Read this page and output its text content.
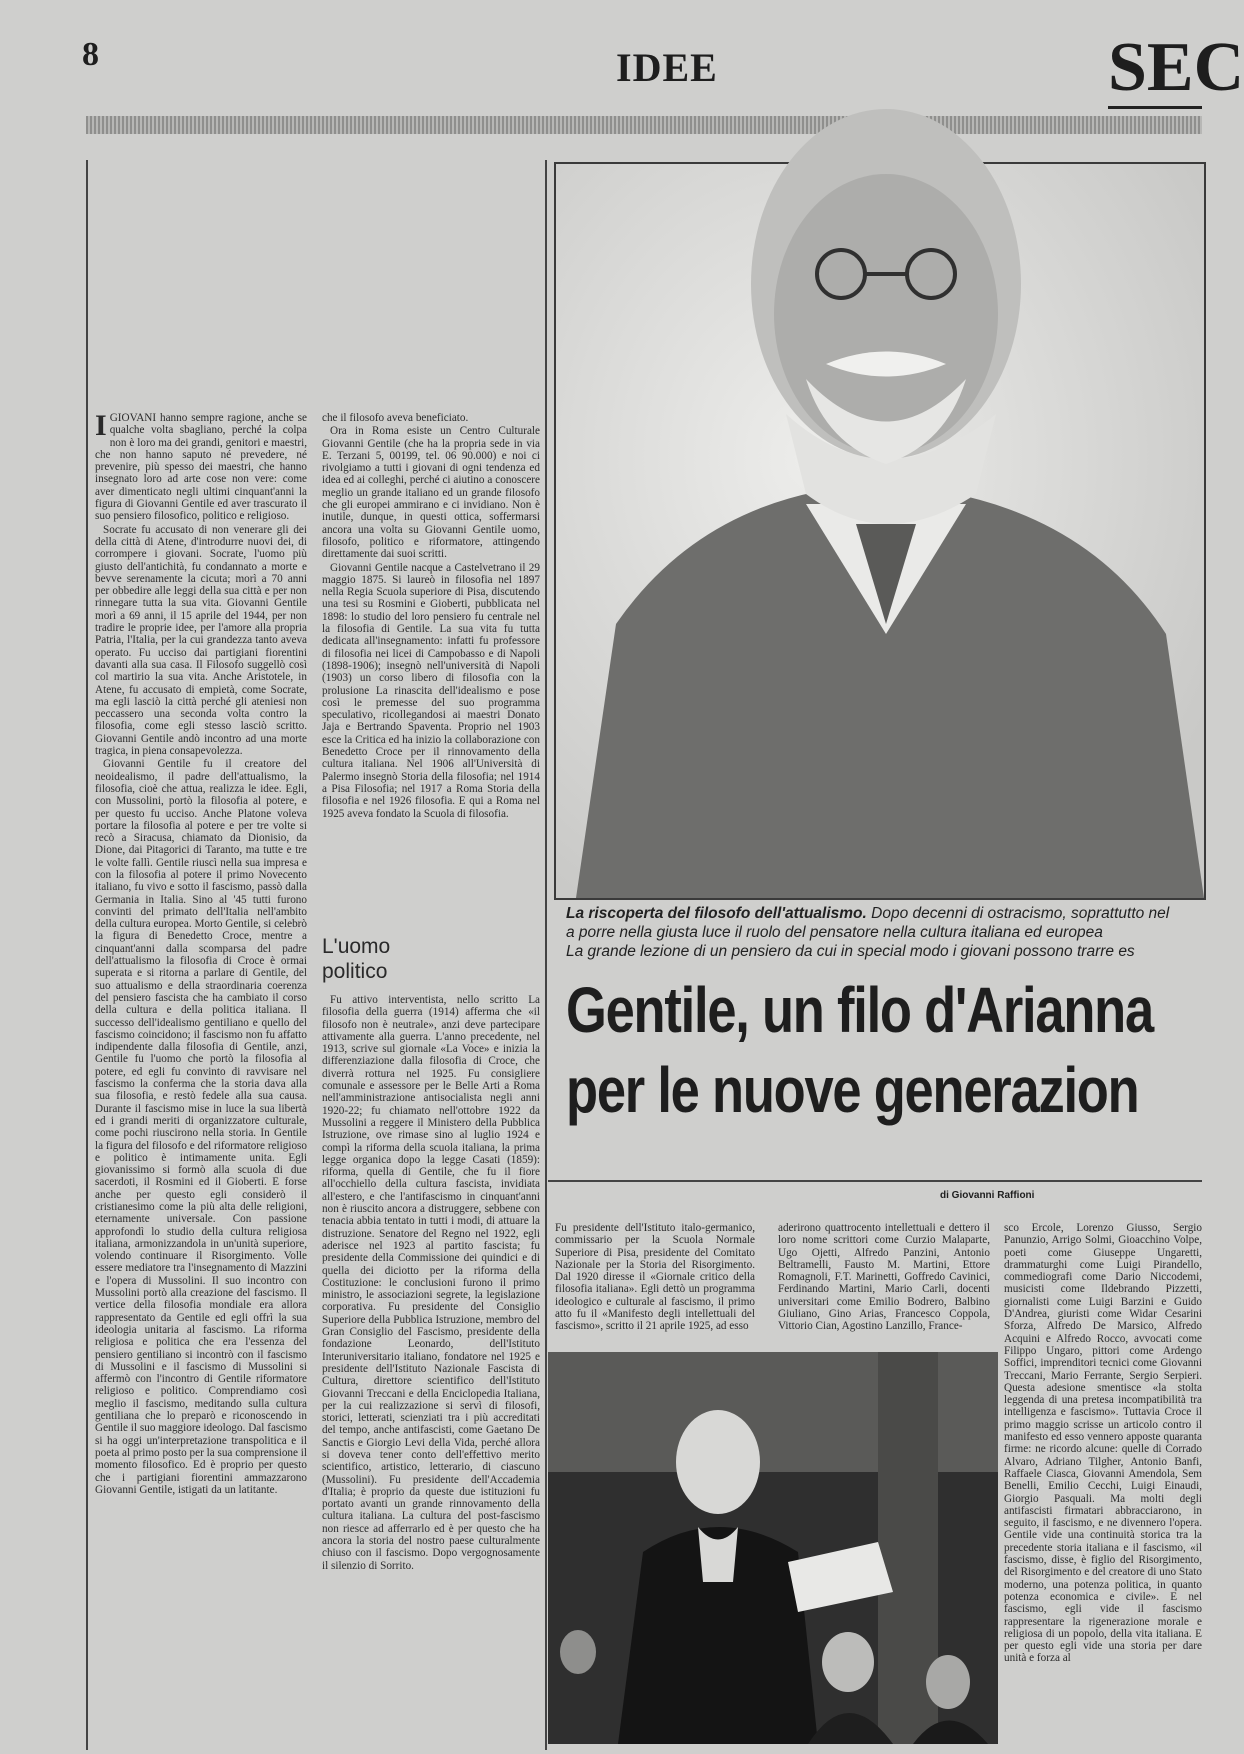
8	IDEE	SEC

IGIOVANI hanno sempre ragione, anche se qualche volta sbagliano, perché la colpa non è loro ma dei grandi, genitori e maestri, che non hanno saputo né prevedere, né prevenire, più spesso dei maestri, che hanno insegnato loro ad arte cose non vere: come aver dimenticato negli ultimi cinquant'anni la figura di Giovanni Gentile ed aver trascurato il suo pensiero filosofico, politico e religioso.

Socrate fu accusato di non venerare gli dei della città di Atene, d'introdurre nuovi dei, di corrompere i giovani. Socrate, l'uomo più giusto dell'antichità, fu condannato a morte e bevve serenamente la cicuta; morì a 70 anni per obbedire alle leggi della sua città e per non rinnegare tutta la sua vita. Giovanni Gentile morì a 69 anni, il 15 aprile del 1944, per non tradire le proprie idee, per l'amore alla propria Patria, l'Italia, per la cui grandezza tanto aveva operato. Fu ucciso dai partigiani fiorentini davanti alla sua casa. Il Filosofo suggellò così col martirio la sua vita. Anche Aristotele, in Atene, fu accusato di empietà, come Socrate, ma egli lasciò la città perché gli ateniesi non peccassero una seconda volta contro la filosofia, come egli stesso lasciò scritto. Giovanni Gentile andò incontro ad una morte tragica, in piena consapevolezza.

Giovanni Gentile fu il creatore del neoidealismo, il padre dell'attualismo, la filosofia, cioè che attua, realizza le idee. Egli, con Mussolini, portò la filosofia al potere, e per questo fu ucciso. Anche Platone voleva portare la filosofia al potere e per tre volte si recò a Siracusa, chiamato da Dionisio, da Dione, dai Pitagorici di Taranto, ma tutte e tre le volte fallì. Gentile riuscì nella sua impresa e con la filosofia al potere il primo Novecento italiano, fu vivo e sotto il fascismo, passò dalla Germania in Italia. Sino al '45 tutti furono convinti del primato dell'Italia nell'ambito della cultura europea. Morto Gentile, si celebrò la figura di Benedetto Croce, mentre a cinquant'anni dalla scomparsa del padre dell'attualismo la filosofia di Croce è ormai superata e si ritorna a parlare di Gentile, del suo attualismo e della straordinaria coerenza del pensiero fascista che ha cambiato il corso della cultura e della politica italiana. Il successo dell'idealismo gentiliano e quello del fascismo coincidono; il fascismo non fu affatto indipendente dalla filosofia di Gentile, anzi, Gentile fu l'uomo che portò la filosofia al potere, ed egli fu convinto di ravvisare nel fascismo la conferma che la storia dava alla sua filosofia, e restò fedele alla sua causa. Durante il fascismo mise in luce la sua libertà ed i grandi meriti di organizzatore culturale, come pochi riuscirono nella storia. In Gentile la figura del filosofo e del riformatore religioso e politico è intimamente unita. Egli giovanissimo si formò alla scuola di due sacerdoti, il Rosmini ed il Gioberti. E forse anche per questo egli considerò il cristianesimo come la più alta delle religioni, eternamente universale. Con passione approfondì lo studio della cultura religiosa italiana, armonizzandola in un'unità superiore, volendo continuare il Risorgimento. Volle essere mediatore tra l'insegnamento di Mazzini e l'opera di Mussolini. Il suo incontro con Mussolini portò alla creazione del fascismo. Il vertice della filosofia mondiale era allora rappresentato da Gentile ed egli offrì la sua ideologia unitaria al fascismo. La riforma religiosa e politica che era l'essenza del pensiero gentiliano si incontrò con il fascismo di Mussolini e il fascismo di Mussolini si affermò con l'incontro di Gentile riformatore religioso e politico. Comprendiamo così meglio il fascismo, meditando sulla cultura gentiliana che lo preparò e riconoscendo in Gentile il suo maggiore ideologo. Dal fascismo si ha oggi un'interpretazione transpolitica e il poeta al primo posto per la sua comprensione il momento filosofico. Ed è proprio per questo che i partigiani fiorentini ammazzarono Giovanni Gentile, istigati da un latitante.

che il filosofo aveva beneficiato.

Ora in Roma esiste un Centro Culturale Giovanni Gentile (che ha la propria sede in via E. Terzani 5, 00199, tel. 06 90.000) e noi ci rivolgiamo a tutti i giovani di ogni tendenza ed idea ed ai colleghi, perché ci aiutino a conoscere meglio un grande italiano ed un grande filosofo che gli europei ammirano e ci invidiano. Non è inutile, dunque, in questi ottica, soffermarsi ancora una volta su Giovanni Gentile uomo, filosofo, politico e riformatore, attingendo direttamente dai suoi scritti.

Giovanni Gentile nacque a Castelvetrano il 29 maggio 1875. Si laureò in filosofia nel 1897 nella Regia Scuola superiore di Pisa, discutendo una tesi su Rosmini e Gioberti, pubblicata nel 1898: lo studio del loro pensiero fu centrale nel la filosofia di Gentile. La sua vita fu tutta dedicata all'insegnamento: infatti fu professore di filosofia nei licei di Campobasso e di Napoli (1898-1906); insegnò nell'università di Napoli (1903) un corso libero di filosofia con la prolusione La rinascita dell'idealismo e pose così le premesse del suo programma speculativo, ricollegandosi ai maestri Donato Jaja e Bertrando Spaventa. Proprio nel 1903 esce la Critica ed ha inizio la collaborazione con Benedetto Croce per il rinnovamento della cultura italiana. Nel 1906 all'Università di Palermo insegnò Storia della filosofia; nel 1914 a Pisa Filosofia; nel 1917 a Roma Storia della filosofia e nel 1926 filosofia. E qui a Roma nel 1925 aveva fondato la Scuola di filosofia.

L'uomo
politico

Fu attivo interventista, nello scritto La filosofia della guerra (1914) afferma che «il filosofo non è neutrale», anzi deve partecipare attivamente alla guerra. L'anno precedente, nel 1913, scrive sul giornale «La Voce» e inizia la differenziazione dalla filosofia di Croce, che diverrà rottura nel 1925. Fu consigliere comunale e assessore per le Belle Arti a Roma nell'amministrazione antisocialista negli anni 1920-22; fu chiamato nell'ottobre 1922 da Mussolini a reggere il Ministero della Pubblica Istruzione, ove rimase sino al luglio 1924 e compì la riforma della scuola italiana, la prima legge organica dopo la legge Casati (1859): riforma, quella di Gentile, che fu il fiore all'occhiello della cultura fascista, invidiata all'estero, e che l'antifascismo in cinquant'anni non è riuscito ancora a distruggere, sebbene con tenacia abbia tentato in tutti i modi, di attuare la distruzione. Senatore del Regno nel 1922, egli aderisce nel 1923 al partito fascista; fu presidente della Commissione dei quindici e di quella dei diciotto per la riforma della Costituzione: le conclusioni furono il primo ministro, le associazioni segrete, la legislazione corporativa. Fu presidente del Consiglio Superiore della Pubblica Istruzione, membro del Gran Consiglio del Fascismo, presidente della fondazione Leonardo, dell'Istituto Interuniversitario italiano, fondatore nel 1925 e presidente dell'Istituto Nazionale Fascista di Cultura, direttore scientifico dell'Istituto Giovanni Treccani e della Enciclopedia Italiana, per la cui realizzazione si servì di filosofi, storici, letterati, scienziati tra i più accreditati del tempo, anche antifascisti, come Gaetano De Sanctis e Giorgio Levi della Vida, perché allora si doveva tener conto dell'effettivo merito scientifico, artistico, letterario, di ciascuno (Mussolini). Fu presidente dell'Accademia d'Italia; è proprio da queste due istituzioni fu portato avanti un grande rinnovamento della cultura italiana. La cultura del post-fascismo non riesce ad afferrarlo ed è per questo che ha ancora la storia del nostro paese culturalmente chiuso con il fascismo. Dopo vergognosamente il silenzio di Sorrito.

La riscoperta del filosofo dell'attualismo. Dopo decenni di ostracismo, soprattutto nel
a porre nella giusta luce il ruolo del pensatore nella cultura italiana ed europea
La grande lezione di un pensiero da cui in special modo i giovani possono trarre es
Gentile, un filo d'Arianna
per le nuove generazion
di Giovanni Raffioni

Fu presidente dell'Istituto italo-germanico, commissario per la Scuola Normale Superiore di Pisa, presidente del Comitato Nazionale per la Storia del Risorgimento. Dal 1920 diresse il «Giornale critico della filosofia italiana». Egli dettò un programma ideologico e culturale al fascismo, il primo atto fu il «Manifesto degli intellettuali del fascismo», scritto il 21 aprile 1925, ad esso

aderirono quattrocento intellettuali e dettero il loro nome scrittori come Curzio Malaparte, Ugo Ojetti, Alfredo Panzini, Antonio Beltramelli, Fausto M. Martini, Ettore Romagnoli, F.T. Marinetti, Goffredo Cavinici, Ferdinando Martini, Mario Carli, docenti universitari come Emilio Bodrero, Balbino Giuliano, Gino Arias, Francesco Coppola, Vittorio Cian, Agostino Lanzillo, France-

sco Ercole, Lorenzo Giusso, Sergio Panunzio, Arrigo Solmi, Gioacchino Volpe, poeti come Giuseppe Ungaretti, drammaturghi come Luigi Pirandello, commediografi come Dario Niccodemi, musicisti come Ildebrando Pizzetti, giornalisti come Luigi Barzini e Guido D'Andrea, giuristi come Widar Cesarini Sforza, Alfredo De Marsico, Alfredo Acquini e Alfredo Rocco, avvocati come Filippo Ungaro, pittori come Ardengo Soffici, imprenditori tecnici come Giovanni Treccani, Mario Ferrante, Sergio Serpieri. Questa adesione smentisce «la stolta leggenda di una pretesa incompatibilità tra intelligenza e fascismo». Tuttavia Croce il primo maggio scrisse un articolo contro il manifesto ed esso vennero apposte quaranta firme: ne ricordo alcune: quelle di Corrado Alvaro, Adriano Tilgher, Antonio Banfi, Raffaele Ciasca, Giovanni Amendola, Sem Benelli, Emilio Cecchi, Luigi Einaudi, Giorgio Pasquali. Ma molti degli antifascisti firmatari abbracciarono, in seguito, il fascismo, e ne divennero l'opera. Gentile vide una continuità storica tra la precedente storia italiana e il fascismo, «il fascismo, disse, è figlio del Risorgimento, del Risorgimento e del creatore di uno Stato moderno, una potenza politica, in quanto potenza economica e civile». E nel fascismo, egli vide il fascismo rappresentare la rigenerazione morale e religiosa di un popolo, della vita italiana. E per questo egli vide una storia per dare unità e forza al
